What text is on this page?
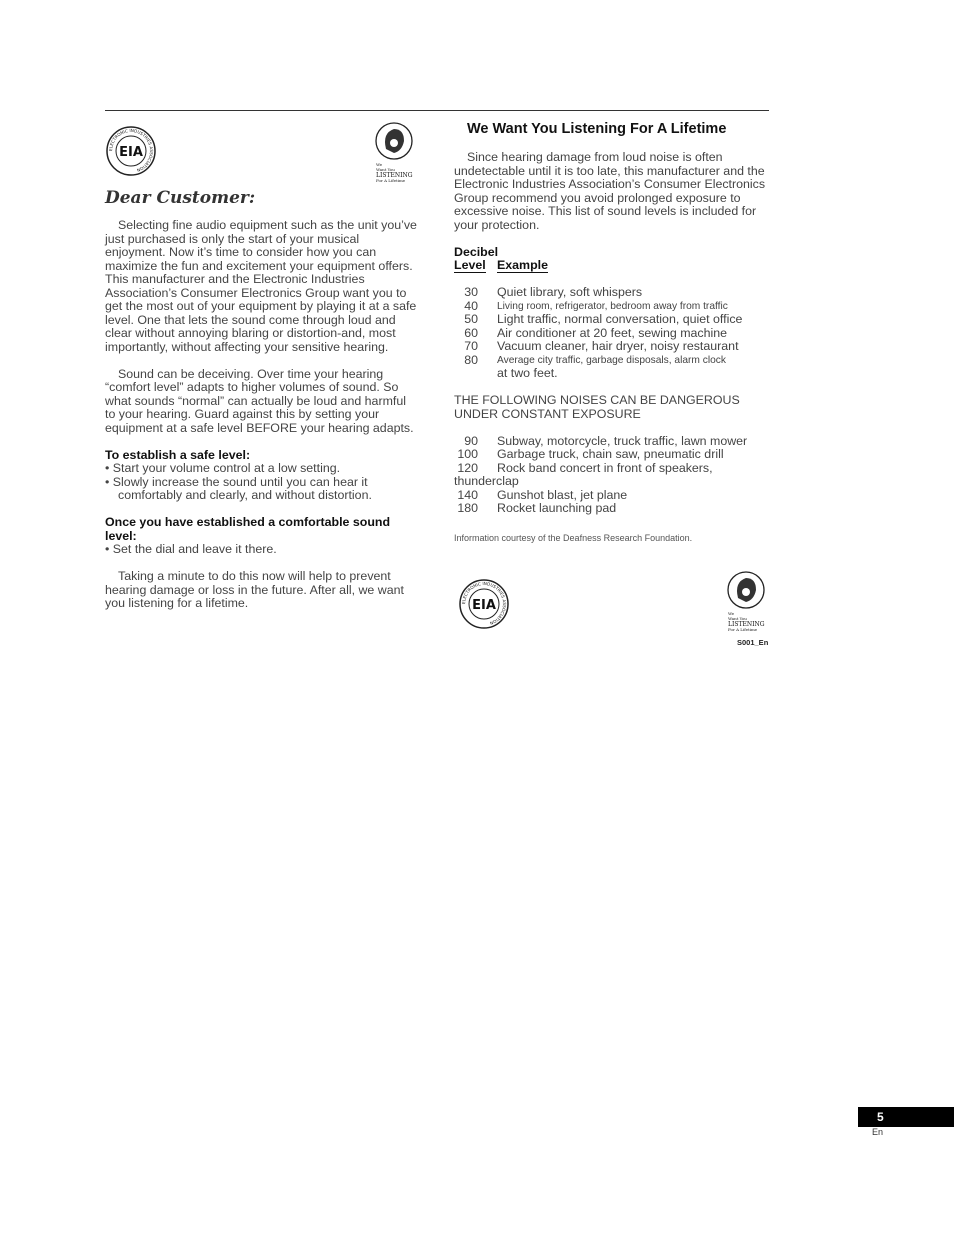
EIA
ELECTRONIC INDUSTRIES ASSOCIATION
We
Want You
LISTENING
For A Lifetime
Dear Customer:

Selecting fine audio equipment such as the unit you’ve just purchased is only the start of your musical enjoyment. Now it’s time to consider how you can maximize the fun and excitement your equipment offers. This manufacturer and the Electronic Industries Association’s Consumer Electronics Group want you to get the most out of your equipment by playing it at a safe level. One that lets the sound come through loud and clear without annoying blaring or distortion-and, most importantly, without affecting your sensitive hearing.

Sound can be deceiving. Over time your hearing “comfort level” adapts to higher volumes of sound. So what sounds “normal” can actually be loud and harmful to your hearing. Guard against this by setting your equipment at a safe level BEFORE your hearing adapts.

To establish a safe level:

• Start your volume control at a low setting.

• Slowly increase the sound until you can hear it comfortably and clearly, and without distortion.

Once you have established a comfortable sound level:

• Set the dial and leave it there.

Taking a minute to do this now will help to prevent hearing damage or loss in the future. After all, we want you listening for a lifetime.

We Want You Listening For A Lifetime

Since hearing damage from loud noise is often undetectable until it is too late, this manufacturer and the Electronic Industries Association’s Consumer Electronics Group recommend you avoid prolonged exposure to excessive noise. This list of sound levels is included for your protection.

Decibel

Level	Example

30	Quiet library, soft whispers
40	Living room, refrigerator, bedroom away from traffic
50	Light traffic, normal conversation, quiet office
60	Air conditioner at 20 feet, sewing machine
70	Vacuum cleaner, hair dryer, noisy restaurant
80	Average city traffic, garbage disposals, alarm clock
	at two feet.

THE FOLLOWING NOISES CAN BE DANGEROUS UNDER CONSTANT EXPOSURE

90	Subway, motorcycle, truck traffic, lawn mower
100	Garbage truck, chain saw, pneumatic drill
120	Rock band concert in front of speakers,

thunderclap

140	Gunshot blast, jet plane
180	Rocket launching pad

Information courtesy of the Deafness Research Foundation.

EIA
ELECTRONIC INDUSTRIES ASSOCIATION
We
Want You
LISTENING
For A Lifetime
S001_En
5
En
